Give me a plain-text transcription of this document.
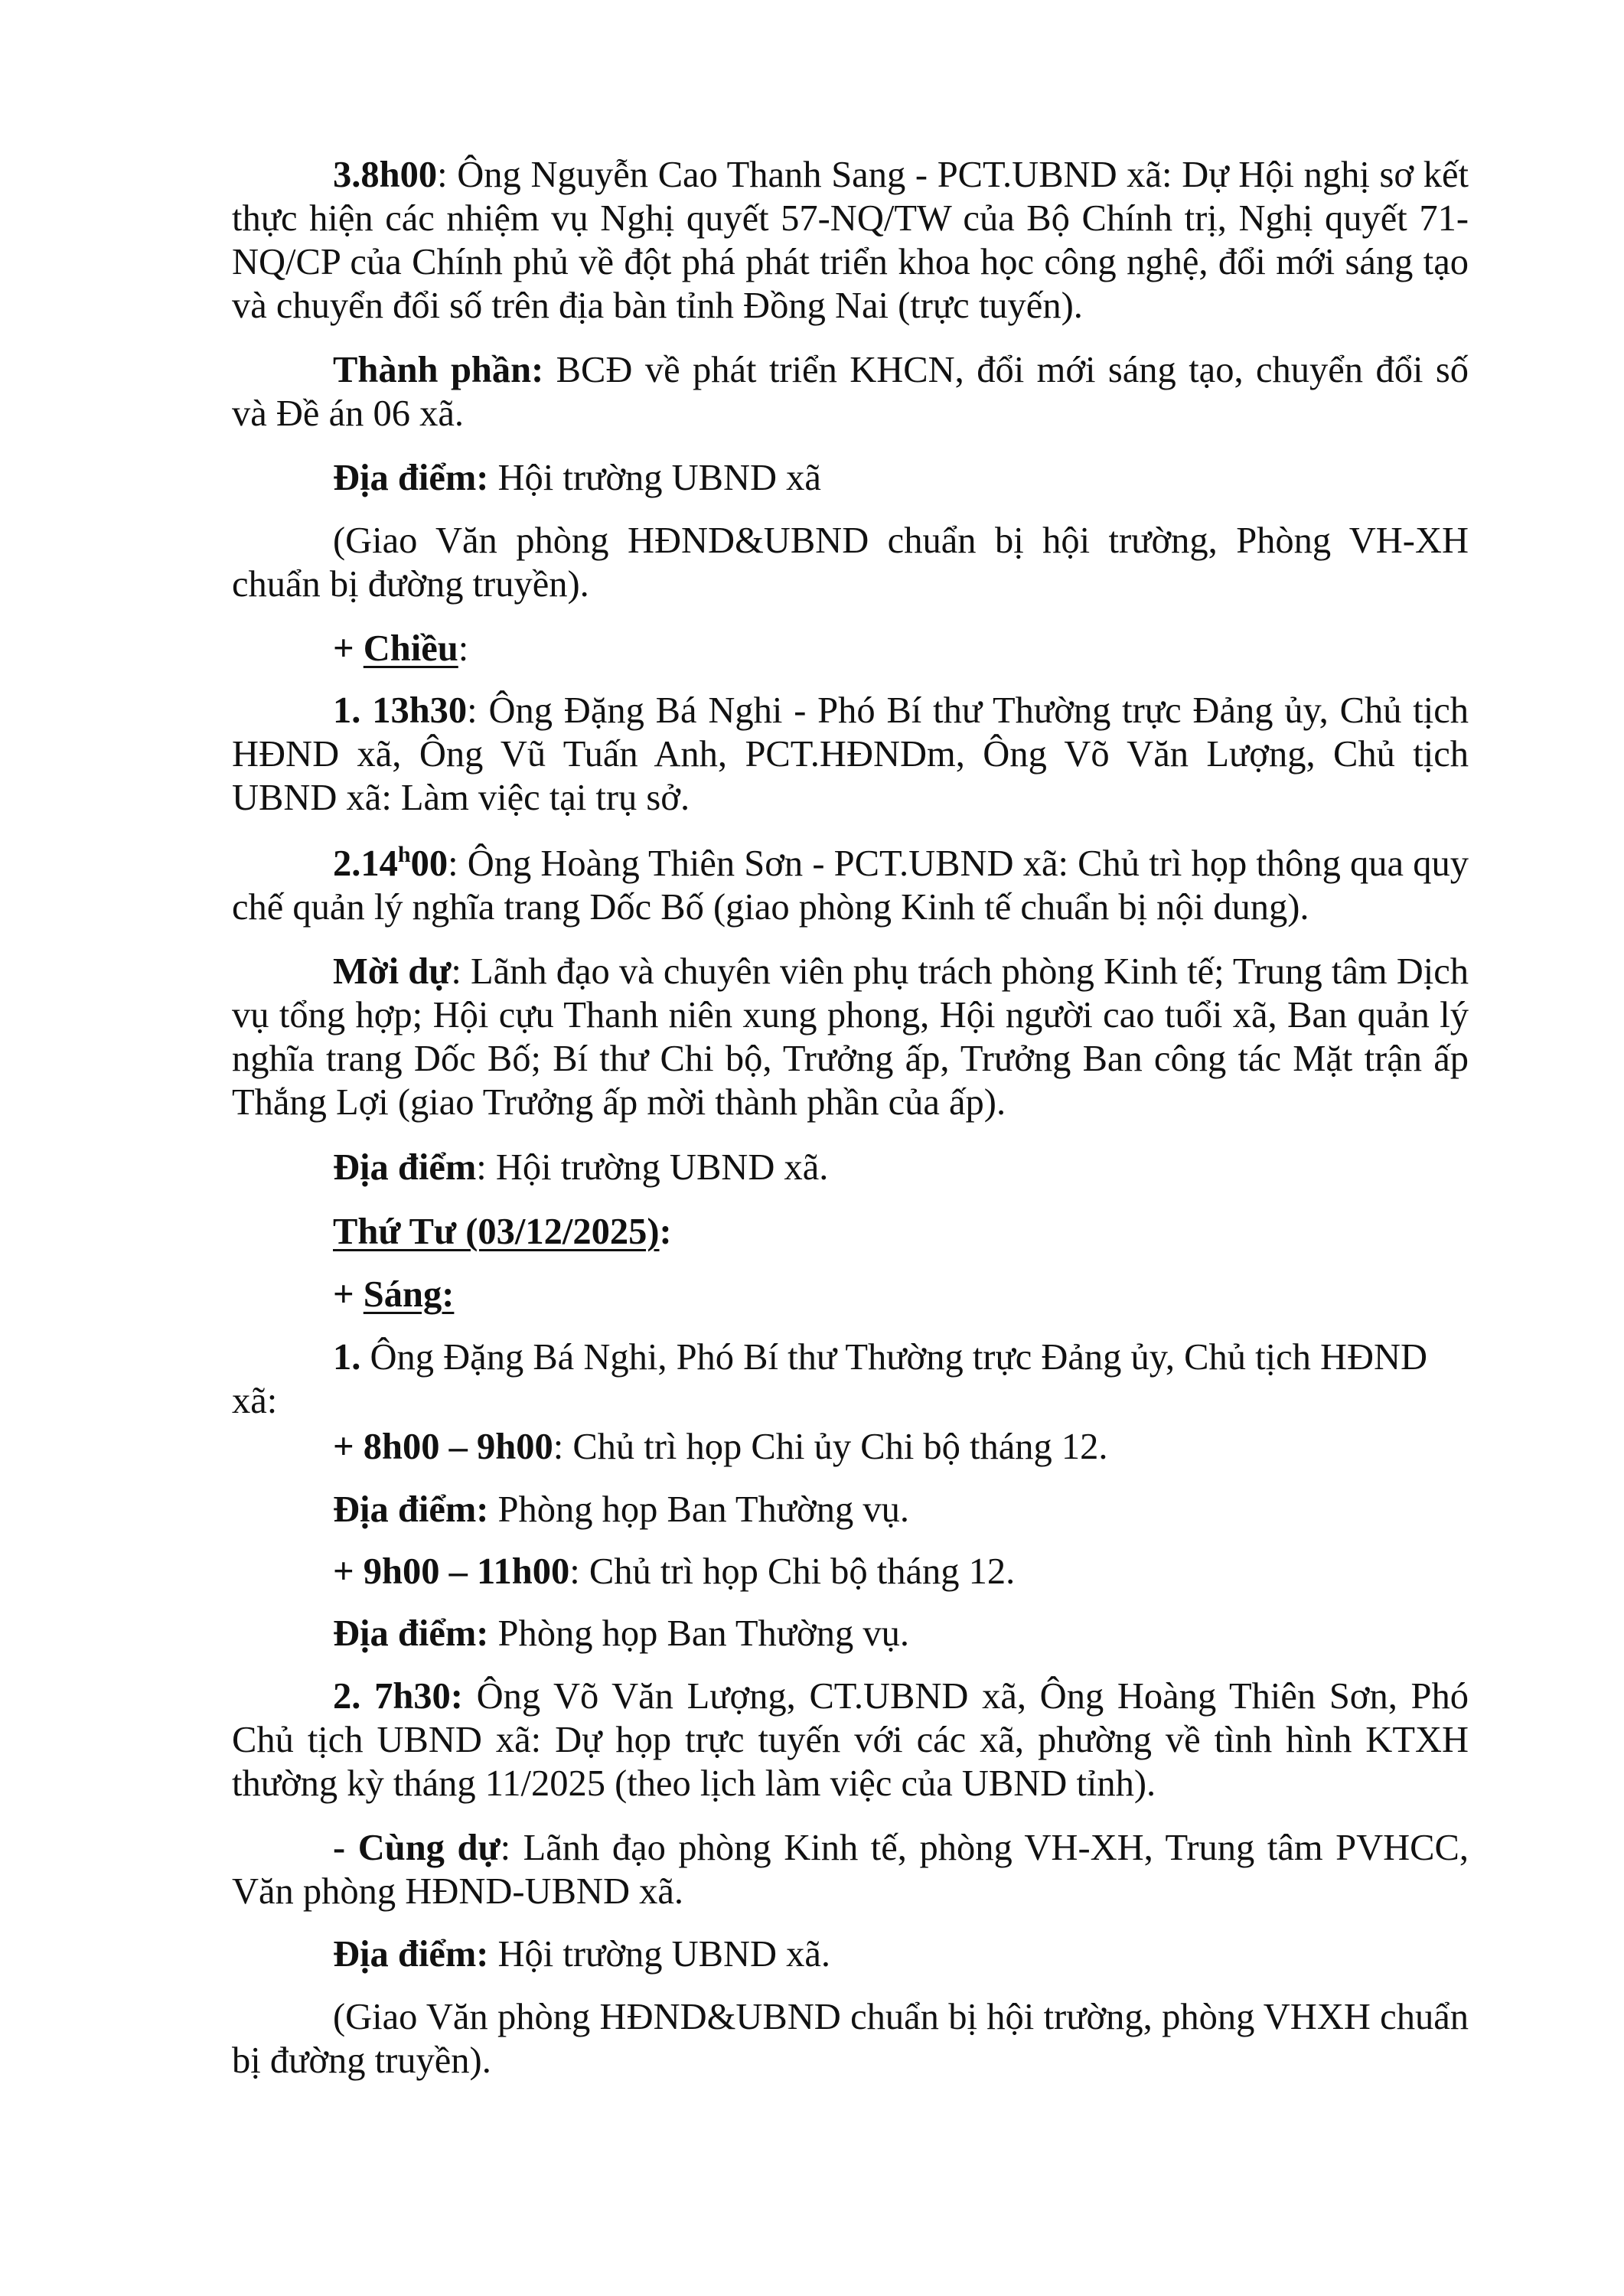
3.8h00: Ông Nguyễn Cao Thanh Sang - PCT.UBND xã: Dự Hội nghị sơ kết thực hiện các nhiệm vụ Nghị quyết 57-NQ/TW của Bộ Chính trị, Nghị quyết 71-NQ/CP của Chính phủ về đột phá phát triển khoa học công nghệ, đổi mới sáng tạo và chuyển đổi số trên địa bàn tỉnh Đồng Nai (trực tuyến).

Thành phần: BCĐ về phát triển KHCN, đổi mới sáng tạo, chuyển đổi số và Đề án 06 xã.

Địa điểm: Hội trường UBND xã

(Giao Văn phòng HĐND&UBND chuẩn bị hội trường, Phòng VH-XH chuẩn bị đường truyền).

+ Chiều:

1. 13h30: Ông Đặng Bá Nghi - Phó Bí thư Thường trực Đảng ủy, Chủ tịch HĐND xã, Ông Vũ Tuấn Anh, PCT.HĐNDm, Ông Võ Văn Lượng, Chủ tịch UBND xã: Làm việc tại trụ sở.

2.14$^h$00: Ông Hoàng Thiên Sơn - PCT.UBND xã: Chủ trì họp thông qua quy chế quản lý nghĩa trang Dốc Bố (giao phòng Kinh tế chuẩn bị nội dung).

Mời dự: Lãnh đạo và chuyên viên phụ trách phòng Kinh tế; Trung tâm Dịch vụ tổng hợp; Hội cựu Thanh niên xung phong, Hội người cao tuổi xã, Ban quản lý nghĩa trang Dốc Bố; Bí thư Chi bộ, Trưởng ấp, Trưởng Ban công tác Mặt trận ấp Thắng Lợi (giao Trưởng ấp mời thành phần của ấp).

Địa điểm: Hội trường UBND xã.

Thứ Tư (03/12/2025):

+ Sáng:

1. Ông Đặng Bá Nghi, Phó Bí thư Thường trực Đảng ủy, Chủ tịch HĐND

xã:

+ 8h00 – 9h00: Chủ trì họp Chi ủy Chi bộ tháng 12.

Địa điểm: Phòng họp Ban Thường vụ.

+ 9h00 – 11h00: Chủ trì họp Chi bộ tháng 12.

Địa điểm: Phòng họp Ban Thường vụ.

2. 7h30: Ông Võ Văn Lượng, CT.UBND xã, Ông Hoàng Thiên Sơn, Phó Chủ tịch UBND xã: Dự họp trực tuyến với các xã, phường về tình hình KTXH thường kỳ tháng 11/2025 (theo lịch làm việc của UBND tỉnh).

- Cùng dự: Lãnh đạo phòng Kinh tế, phòng VH-XH, Trung tâm PVHCC, Văn phòng HĐND-UBND xã.

Địa điểm: Hội trường UBND xã.

(Giao Văn phòng HĐND&UBND chuẩn bị hội trường, phòng VHXH chuẩn bị đường truyền).
